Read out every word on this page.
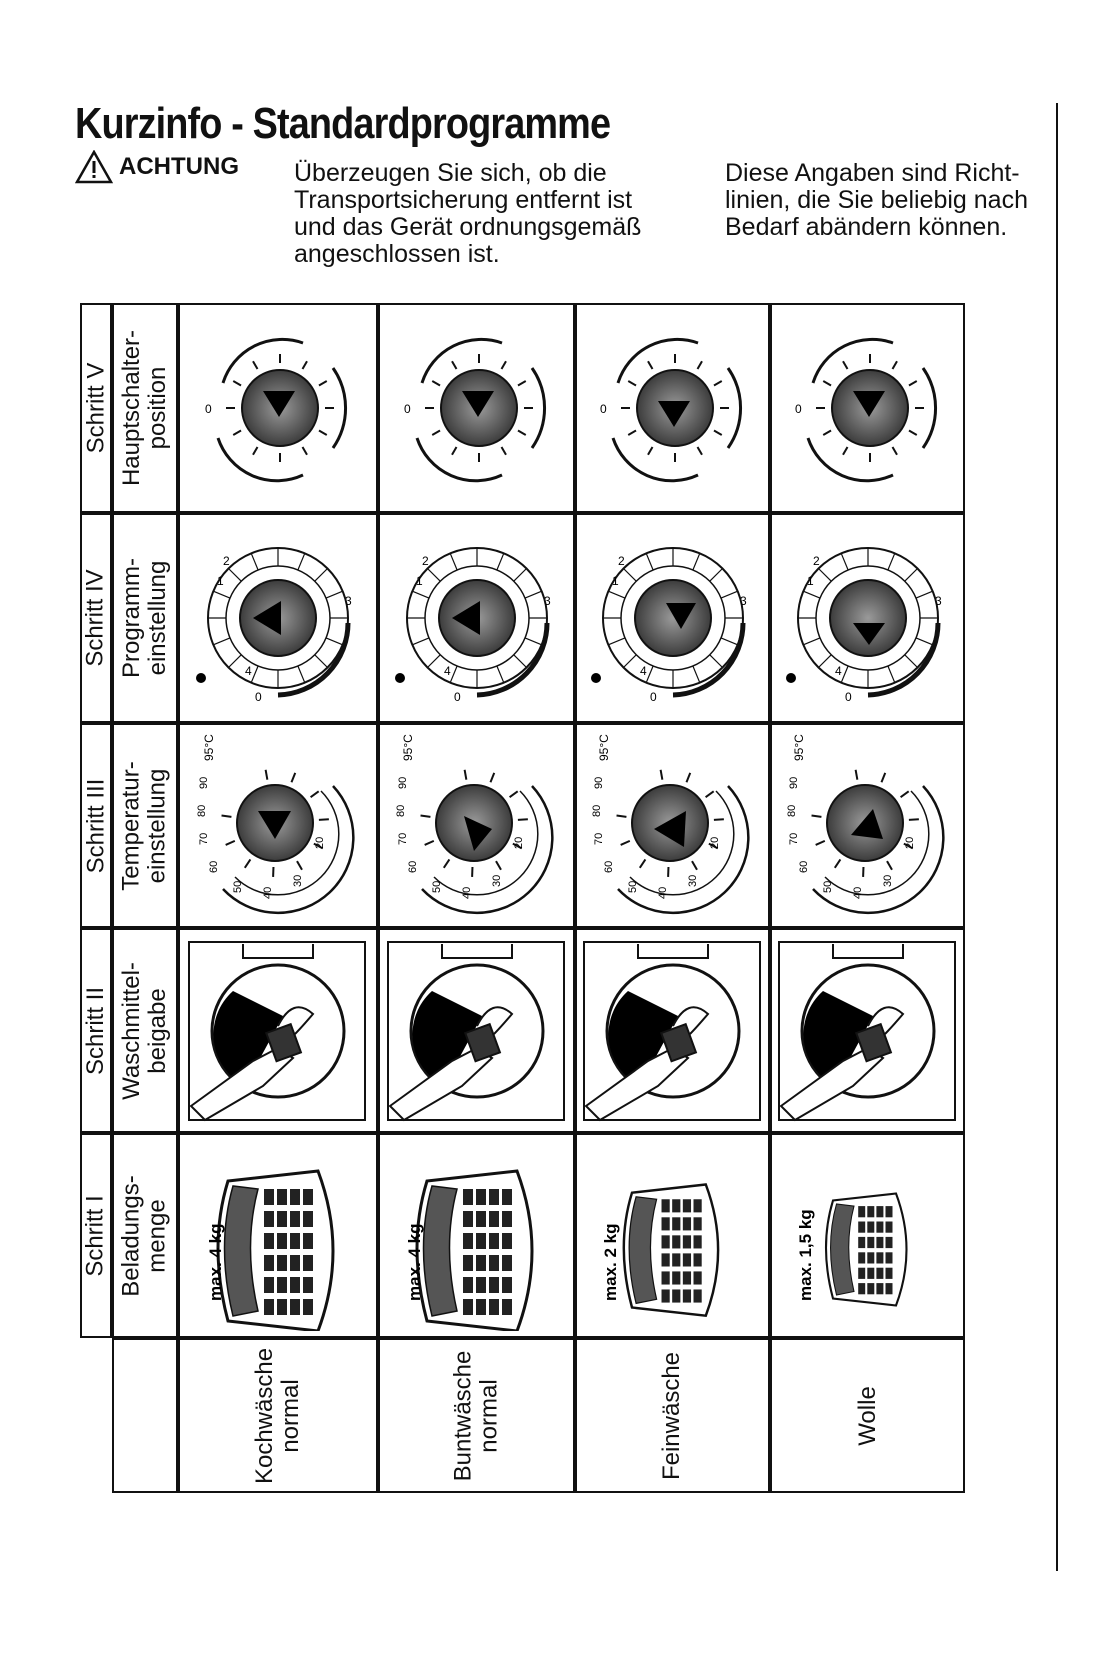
Kurzinfo - Standardprogramme
ACHTUNG Überzeugen Sie sich, ob die
Transportsicherung entfernt ist
und das Gerät ordnungsgemäß
angeschlossen ist.
Diese Angaben sind Richt-
linien, die Sie beliebig nach
Bedarf abändern können.
Schritt V Hauptschalter-
position
Schritt IV Programm-
einstellung
Schritt III Temperatur-
einstellung
Schritt II Waschmittel-
beigabe
Schritt I Beladungs-
menge
0
1
2
3
4
0
95°C
90
80
70
60
50 40
30
20
max. 4 kg
Kochwäsche
normal
0
1
2
3
4
0
95°C
90
80
70
60
50 40
30
20
max. 4 kg
Buntwäsche
normal
0
1
2
3
4
0
95°C
90
80
70
60
50 40
30
20
max. 2 kg
Feinwäsche
0
1
2
3
4
0
95°C
90
80
70
60
50 40
30
20
max. 1,5 kg
Wolle
